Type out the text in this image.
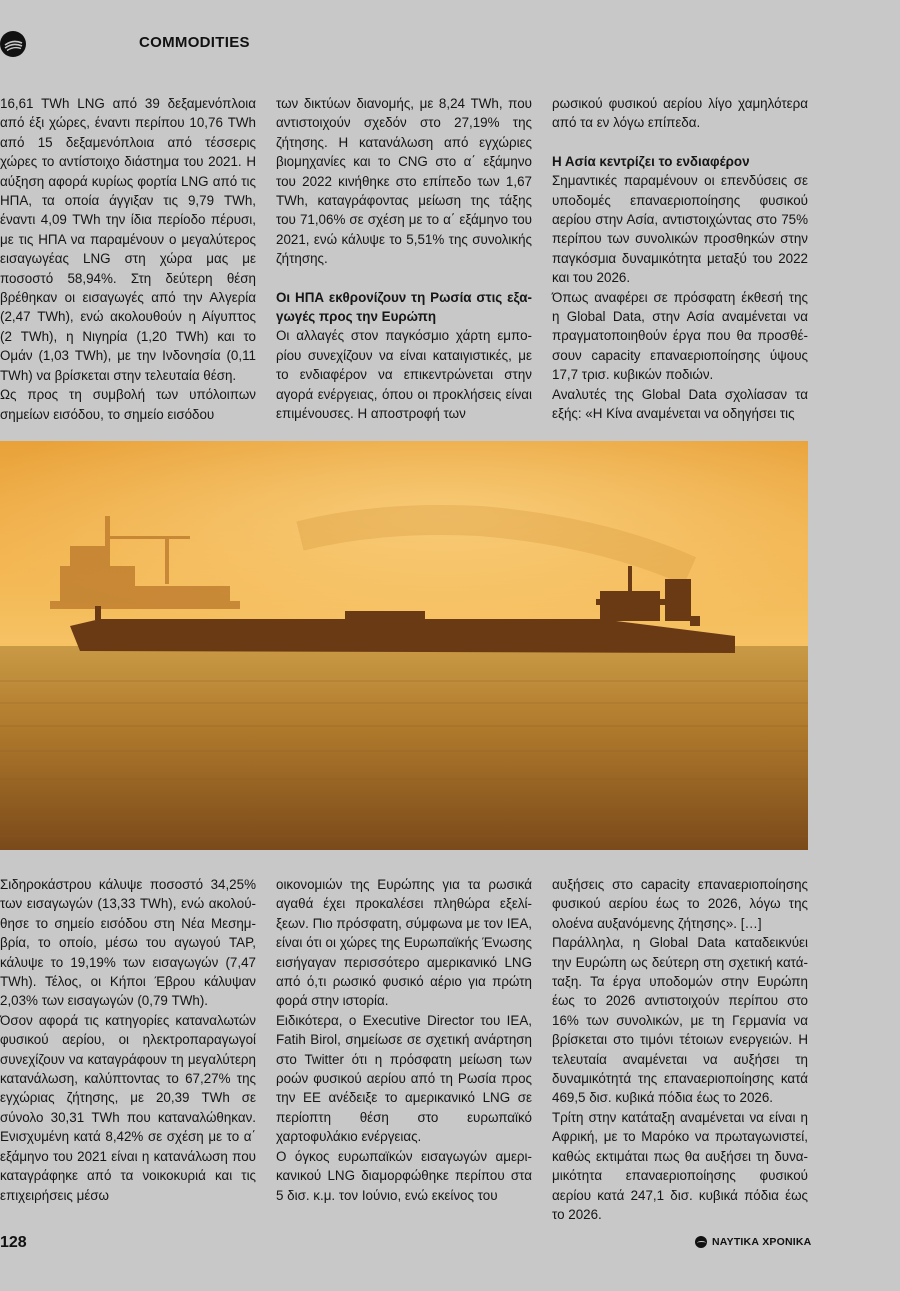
COMMODITIES

16,61 TWh LNG από 39 δεξαμενόπλοια από έξι χώρες, έναντι περίπου 10,76 TWh από 15 δεξαμενόπλοια από τέσσερις χώρες το αντίστοιχο διάστημα του 2021. Η αύξηση αφορά κυρίως φορτία LNG από τις ΗΠΑ, τα οποία άγγιξαν τις 9,79 TWh, έναντι 4,09 TWh την ίδια περίοδο πέρυσι, με τις ΗΠΑ να παραμένουν ο μεγαλύτερος εισαγωγέας LNG στη χώρα μας με ποσοστό 58,94%. Στη δεύτερη θέση βρέθηκαν οι εισαγωγές από την Αλγερία (2,47 TWh), ενώ ακολουθούν η Αίγυπτος (2 TWh), η Νιγηρία (1,20 TWh) και το Ομάν (1,03 TWh), με την Ινδονησία (0,11 TWh) να βρίσκεται στην τελευταία θέση.

Ως προς τη συμβολή των υπόλοιπων σημείων εισόδου, το σημείο εισόδου

των δικτύων διανομής, με 8,24 TWh, που αντιστοιχούν σχεδόν στο 27,19% της ζήτησης. Η κατανάλωση από εγχώριες βιομηχανίες και το CNG στο α΄ εξάμηνο του 2022 κινήθηκε στο επίπεδο των 1,67 TWh, καταγράφοντας μείωση της τάξης του 71,06% σε σχέση με το α΄ εξάμηνο του 2021, ενώ κάλυψε το 5,51% της συνολικής ζήτησης.

Οι ΗΠΑ εκθρονίζουν τη Ρωσία στις εξαγωγές προς την Ευρώπη

Οι αλλαγές στον παγκόσμιο χάρτη εμπορίου συνεχίζουν να είναι καταιγιστικές, με το ενδιαφέρον να επικεντρώνεται στην αγορά ενέργειας, όπου οι προκλήσεις είναι επιμένουσες. Η αποστροφή των

ρωσικού φυσικού αερίου λίγο χαμηλότερα από τα εν λόγω επίπεδα.

Η Ασία κεντρίζει το ενδιαφέρον

Σημαντικές παραμένουν οι επενδύσεις σε υποδομές επαναεριοποίησης φυσικού αερίου στην Ασία, αντιστοιχώντας στο 75% περίπου των συνολικών προσθηκών στην παγκόσμια δυναμικότητα μεταξύ του 2022 και του 2026.

Όπως αναφέρει σε πρόσφατη έκθεσή της η Global Data, στην Ασία αναμένεται να πραγματοποιηθούν έργα που θα προσθέσουν capacity επαναεριοποίησης ύψους 17,7 τρισ. κυβικών ποδιών.

Αναλυτές της Global Data σχολίασαν τα εξής: «Η Κίνα αναμένεται να οδηγήσει τις

Σιδηροκάστρου κάλυψε ποσοστό 34,25% των εισαγωγών (13,33 TWh), ενώ ακολούθησε το σημείο εισόδου στη Νέα Μεσημβρία, το οποίο, μέσω του αγωγού TAP, κάλυψε το 19,19% των εισαγωγών (7,47 TWh). Τέλος, οι Κήποι Έβρου κάλυψαν 2,03% των εισαγωγών (0,79 TWh).

Όσον αφορά τις κατηγορίες καταναλωτών φυσικού αερίου, οι ηλεκτροπαραγωγοί συνεχίζουν να καταγράφουν τη μεγαλύτερη κατανάλωση, καλύπτοντας το 67,27% της εγχώριας ζήτησης, με 20,39 TWh σε σύνολο 30,31 TWh που καταναλώθηκαν. Ενισχυμένη κατά 8,42% σε σχέση με το α΄ εξάμηνο του 2021 είναι η κατανάλωση που καταγράφηκε από τα νοικοκυριά και τις επιχειρήσεις μέσω

οικονομιών της Ευρώπης για τα ρωσικά αγαθά έχει προκαλέσει πληθώρα εξελίξεων. Πιο πρόσφατη, σύμφωνα με τον IEA, είναι ότι οι χώρες της Ευρωπαϊκής Ένωσης εισήγαγαν περισσότερο αμερικανικό LNG από ό,τι ρωσικό φυσικό αέριο για πρώτη φορά στην ιστορία.

Ειδικότερα, ο Executive Director του IEA, Fatih Birol, σημείωσε σε σχετική ανάρτηση στο Twitter ότι η πρόσφατη μείωση των ροών φυσικού αερίου από τη Ρωσία προς την ΕΕ ανέδειξε το αμερικανικό LNG σε περίοπτη θέση στο ευρωπαϊκό χαρτοφυλάκιο ενέργειας.

Ο όγκος ευρωπαϊκών εισαγωγών αμερικανικού LNG διαμορφώθηκε περίπου στα 5 δισ. κ.μ. τον Ιούνιο, ενώ εκείνος του

αυξήσεις στο capacity επαναεριοποίησης φυσικού αερίου έως το 2026, λόγω της ολοένα αυξανόμενης ζήτησης». […]

Παράλληλα, η Global Data καταδεικνύει την Ευρώπη ως δεύτερη στη σχετική κατάταξη. Τα έργα υποδομών στην Ευρώπη έως το 2026 αντιστοιχούν περίπου στο 16% των συνολικών, με τη Γερμανία να βρίσκεται στο τιμόνι τέτοιων ενεργειών. Η τελευταία αναμένεται να αυξήσει τη δυναμικότητά της επαναεριοποίησης κατά 469,5 δισ. κυβικά πόδια έως το 2026.

Τρίτη στην κατάταξη αναμένεται να είναι η Αφρική, με το Μαρόκο να πρωταγωνιστεί, καθώς εκτιμάται πως θα αυξήσει τη δυναμικότητα επαναεριοποίησης φυσικού αερίου κατά 247,1 δισ. κυβικά πόδια έως το 2026.

128	ΝΑΥΤΙΚΑ ΧΡΟΝΙΚΑ
